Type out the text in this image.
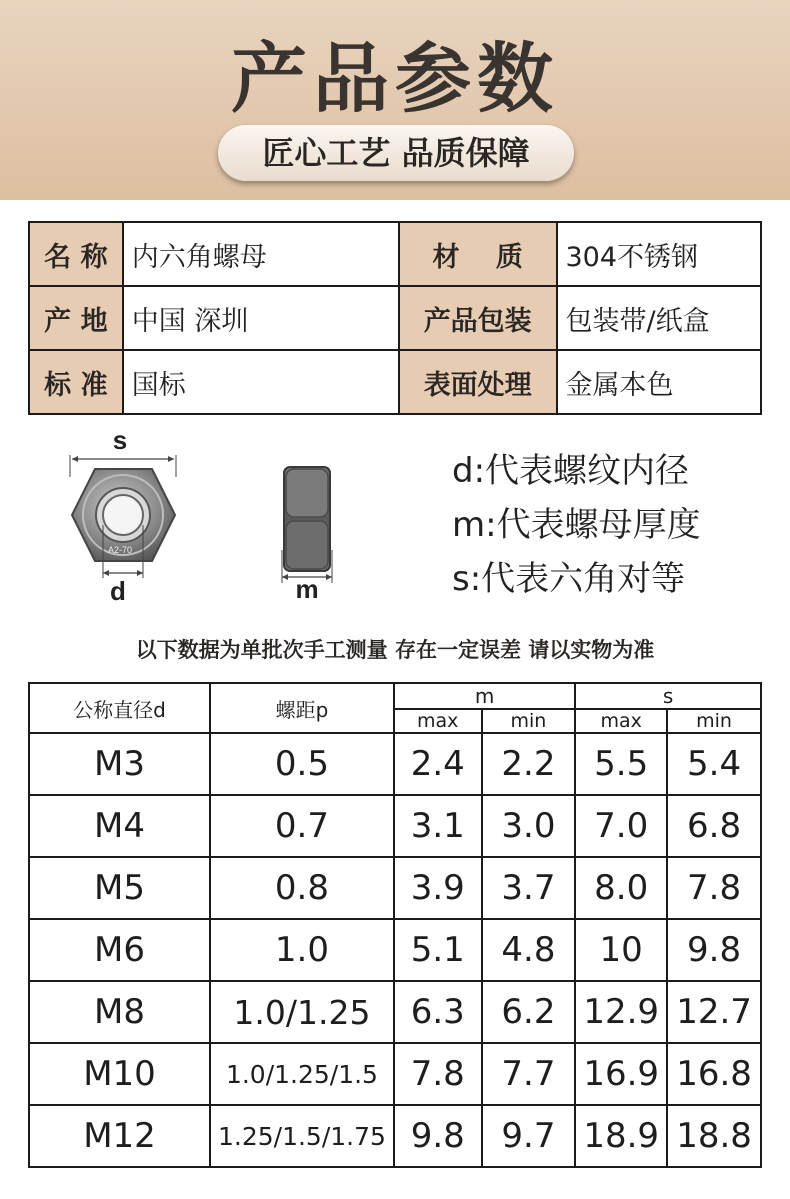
产品参数
匠心工艺 品质保障
名 称	内六角螺母	材　 质	304不锈钢
产 地	中国 深圳	产品包装	包装带/纸盒
标 准	国标	表面处理	金属本色
A2-70
s
d	m
d:代表螺纹内径
m:代表螺母厚度
s:代表六角对等
以下数据为单批次手工测量 存在一定误差 请以实物为准
公称直径d	螺距p	m		s	
		max	min	max	min
M3	0.5	2.4	2.2	5.5	5.4
M4	0.7	3.1	3.0	7.0	6.8
M5	0.8	3.9	3.7	8.0	7.8
M6	1.0	5.1	4.8	10	9.8
M8	1.0/1.25	6.3	6.2	12.9	12.7
M10	1.0/1.25/1.5	7.8	7.7	16.9	16.8
M12	1.25/1.5/1.75	9.8	9.7	18.9	18.8
